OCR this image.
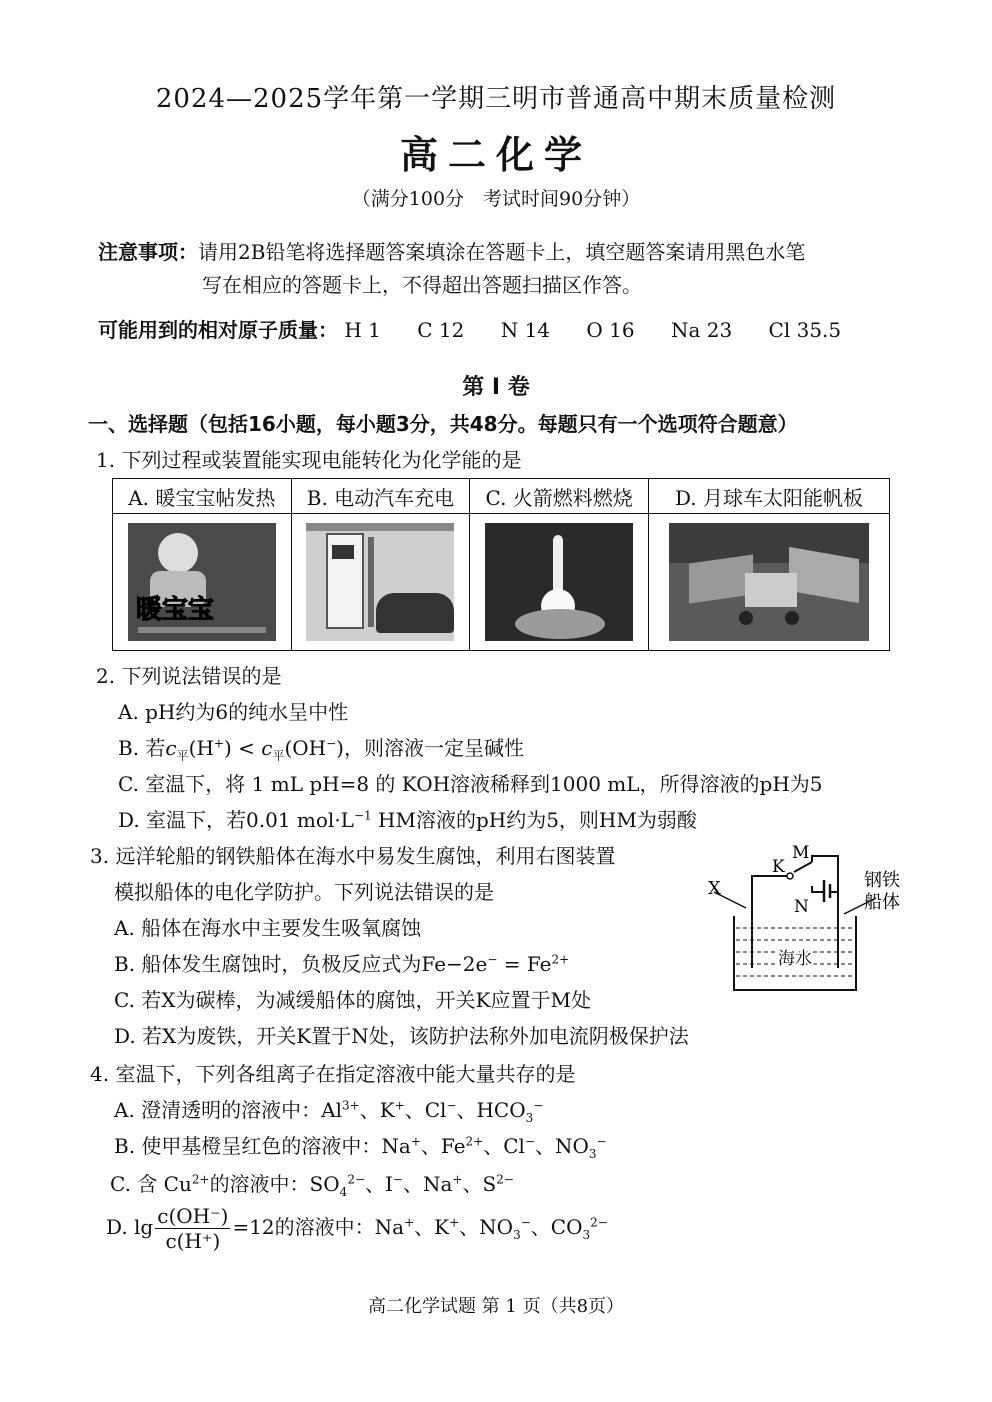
2024—2025学年第一学期三明市普通高中期末质量检测
高二化学
（满分100分　考试时间90分钟）
注意事项：请用2B铅笔将选择题答案填涂在答题卡上，填空题答案请用黑色水笔
写在相应的答题卡上，不得超出答题扫描区作答。
可能用到的相对原子质量： H 1 C 12 N 14 O 16 Na 23 Cl 35.5
第 Ⅰ 卷
一、选择题（包括16小题，每小题3分，共48分。每题只有一个选项符合题意）
1. 下列过程或装置能实现电能转化为化学能的是
A. 暖宝宝帖发热	B. 电动汽车充电	C. 火箭燃料燃烧	D. 月球车太阳能帆板

暖宝宝			

2. 下列说法错误的是
A. pH约为6的纯水呈中性
B. 若$c_平(H^+) < c_平(OH^-)$，则溶液一定呈碱性
C. 室温下，将 1 mL pH=8 的 KOH溶液稀释到1000 mL，所得溶液的pH为5
D. 室温下，若0.01 $mol\cdot L^{-1}$ HM溶液的pH约为5，则HM为弱酸
3. 远洋轮船的钢铁船体在海水中易发生腐蚀，利用右图装置
模拟船体的电化学防护。下列说法错误的是
A. 船体在海水中主要发生吸氧腐蚀
B. 船体发生腐蚀时，负极反应式为$Fe-2e^- = Fe^{2+}$
C. 若X为碳棒，为减缓船体的腐蚀，开关K应置于M处
D. 若X为废铁，开关K置于N处，该防护法称外加电流阴极保护法
X
K
M
N
钢铁
船体
海水
4. 室温下，下列各组离子在指定溶液中能大量共存的是
A. 澄清透明的溶液中：$Al^{3+}$、K+、Cl−、$HCO_3^-$
B. 使甲基橙呈红色的溶液中：Na+、$Fe^{2+}$、Cl−、$NO_3^-$
C. 含 $Cu^{2+}$的溶液中：$SO_4^{2-}$、I−、Na+、$S^{2-}$
D. $\lg \frac{c(OH^-)}{c(H^+)} =12$的溶液中：Na+、K+、$NO_3^-$、$CO_3^{2-}$
高二化学试题 第 1 页（共8页）
